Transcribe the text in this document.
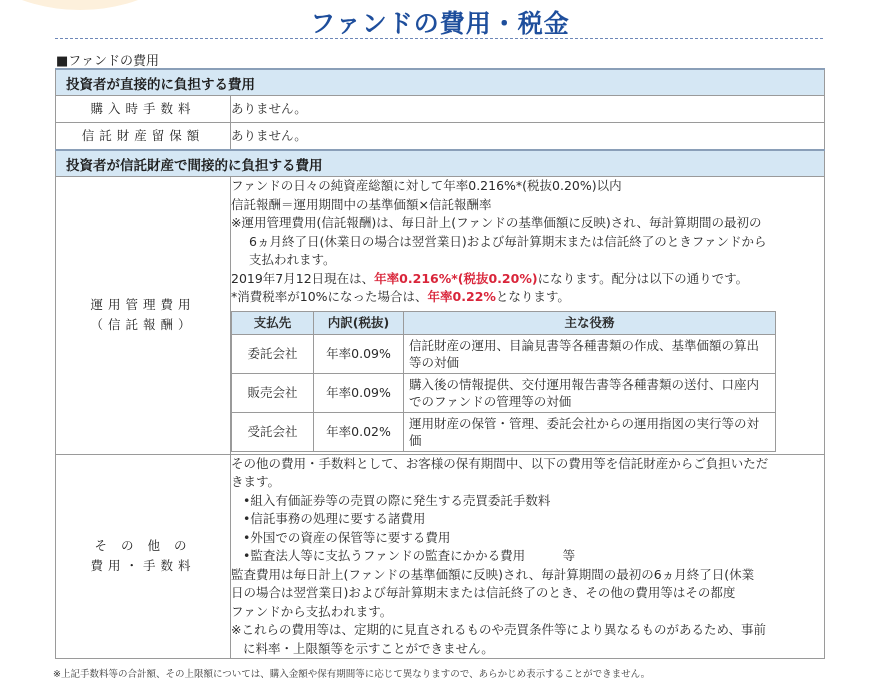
ファンドの費用・税金
■ファンドの費用
投資者が直接的に負担する費用
購入時手数料	ありません。
信託財産留保額	ありません。
投資者が信託財産で間接的に負担する費用

運用管理費用
（信託報酬）

ファンドの日々の純資産総額に対して年率0.216%*(税抜0.20%)以内
信託報酬＝運用期間中の基準価額×信託報酬率
※運用管理費用(信託報酬)は、毎日計上(ファンドの基準価額に反映)され、毎計算期間の最初の
6ヵ月終了日(休業日の場合は翌営業日)および毎計算期末または信託終了のときファンドから
支払われます。
2019年7月12日現在は、年率0.216%*(税抜0.20%)になります。配分は以下の通りです。
*消費税率が10%になった場合は、年率0.22%となります。
支払先	内訳(税抜)	主な役務
委託会社	年率0.09%	
信託財産の運用、目論見書等各種書類の作成、基準価額の算出
等の対価

販売会社	年率0.09%	
購入後の情報提供、交付運用報告書等各種書類の送付、口座内
でのファンドの管理等の対価

受託会社	年率0.02%	
運用財産の保管・管理、委託会社からの運用指図の実行等の対価

そ の 他 の
費用・手数料

その他の費用・手数料として、お客様の保有期間中、以下の費用等を信託財産からご負担いただ
きます。
•組入有価証券等の売買の際に発生する売買委託手数料
•信託事務の処理に要する諸費用
•外国での資産の保管等に要する費用
•監査法人等に支払うファンドの監査にかかる費用　　　等
監査費用は毎日計上(ファンドの基準価額に反映)され、毎計算期間の最初の6ヵ月終了日(休業
日の場合は翌営業日)および毎計算期末または信託終了のとき、その他の費用等はその都度
ファンドから支払われます。
※これらの費用等は、定期的に見直されるものや売買条件等により異なるものがあるため、事前
に料率・上限額等を示すことができません。
※上記手数料等の合計額、その上限額については、購入金額や保有期間等に応じて異なりますので、あらかじめ表示することができません。
